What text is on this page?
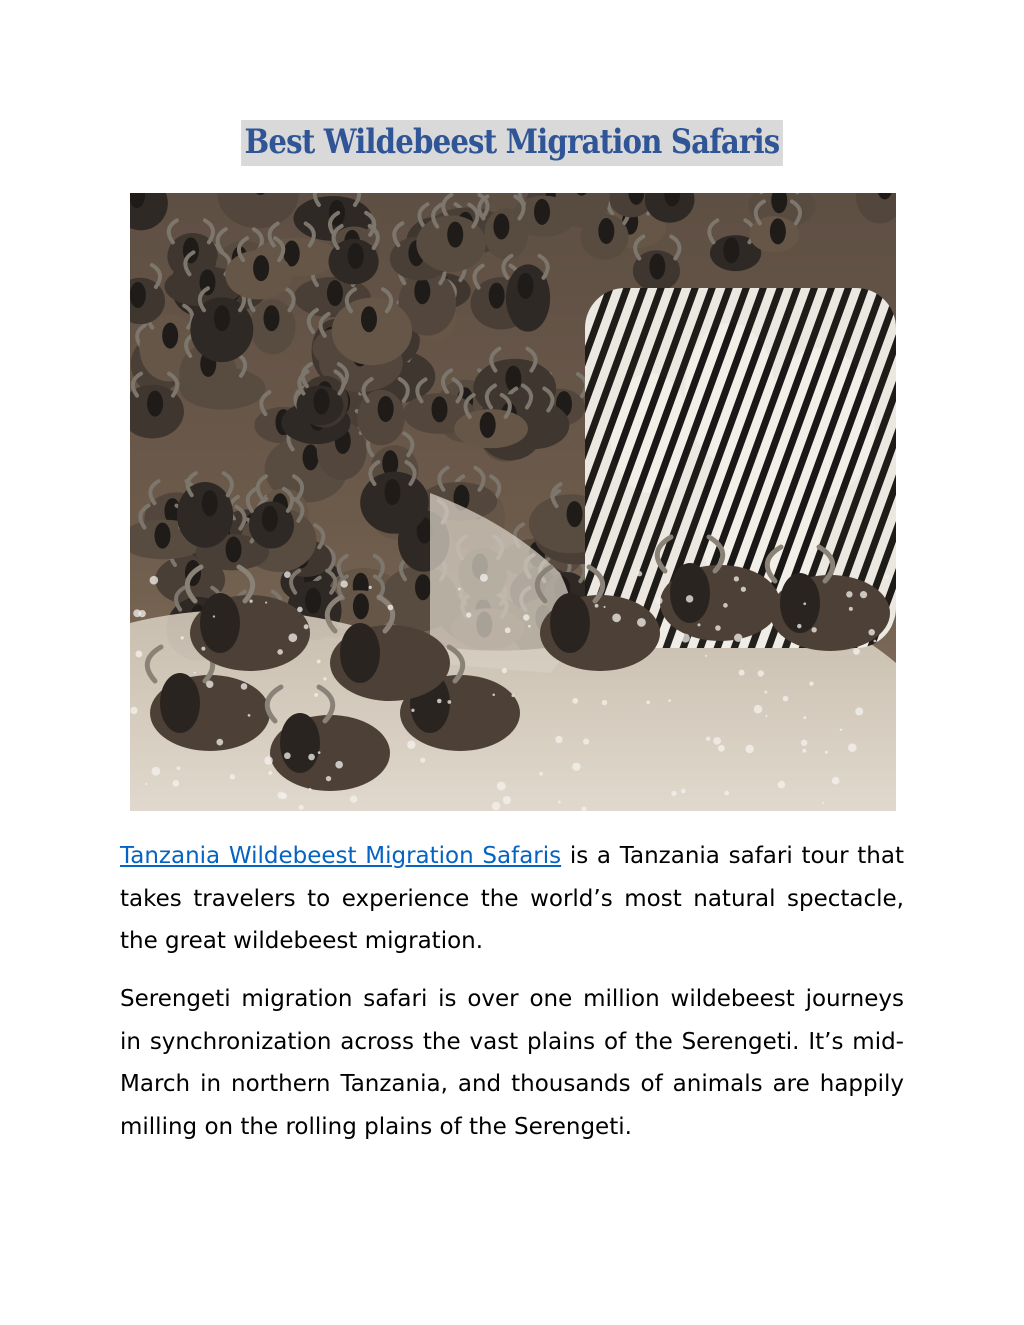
Best Wildebeest Migration Safaris

Tanzania Wildebeest Migration Safaris is a Tanzania safari tour that takes travelers to experience the world’s most natural spectacle, the great wildebeest migration.

Serengeti migration safari is over one million wildebeest journeys in synchronization across the vast plains of the Serengeti. It’s mid-March in northern Tanzania, and thousands of animals are happily milling on the rolling plains of the Serengeti.
